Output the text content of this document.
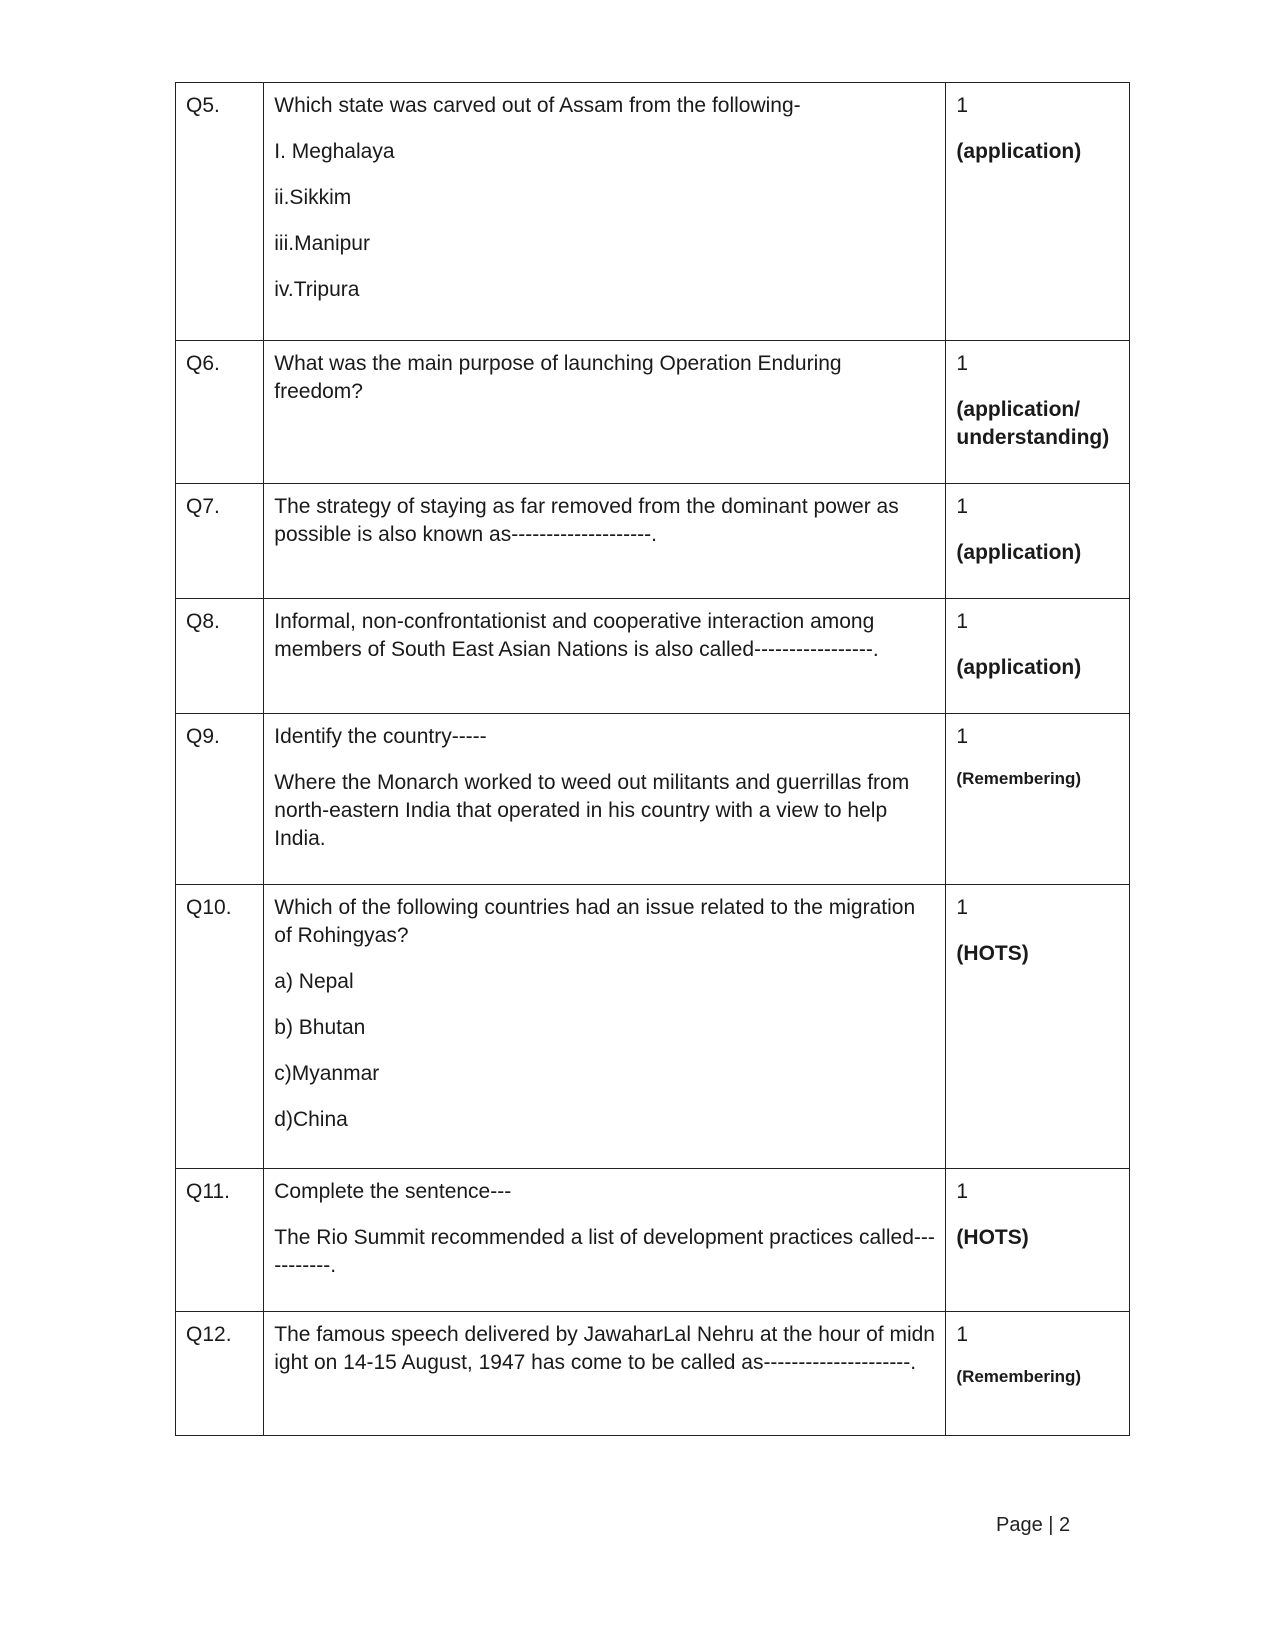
Q5.	Which state was carved out of Assam from the following-
I. Meghalaya
ii.Sikkim
iii.Manipur
iv.Tripura	1
(application)

Q6.	What was the main purpose of launching Operation Enduring freedom?	1
(application/ understanding)

Q7.	The strategy of staying as far removed from the dominant power as possible is also known as--------------------.	1
(application)

Q8.	Informal, non-confrontationist and cooperative interaction among members of South East Asian Nations is also called-----------------.	1
(application)

Q9.	Identify the country-----
Where the Monarch worked to weed out militants and guerrillas from north-eastern India that operated in his country with a view to help India.	1
(Remembering)

Q10.	Which of the following countries had an issue related to the migration of Rohingyas?
a) Nepal
b) Bhutan
c)Myanmar
d)China	1
(HOTS)

Q11.	Complete the sentence---
The Rio Summit recommended a list of development practices called-----------.	1
(HOTS)

Q12.	The famous speech delivered by JawaharLal Nehru at the hour of midnight on 14-15 August, 1947 has come to be called as---------------------.	1
(Remembering)
Page | 2
